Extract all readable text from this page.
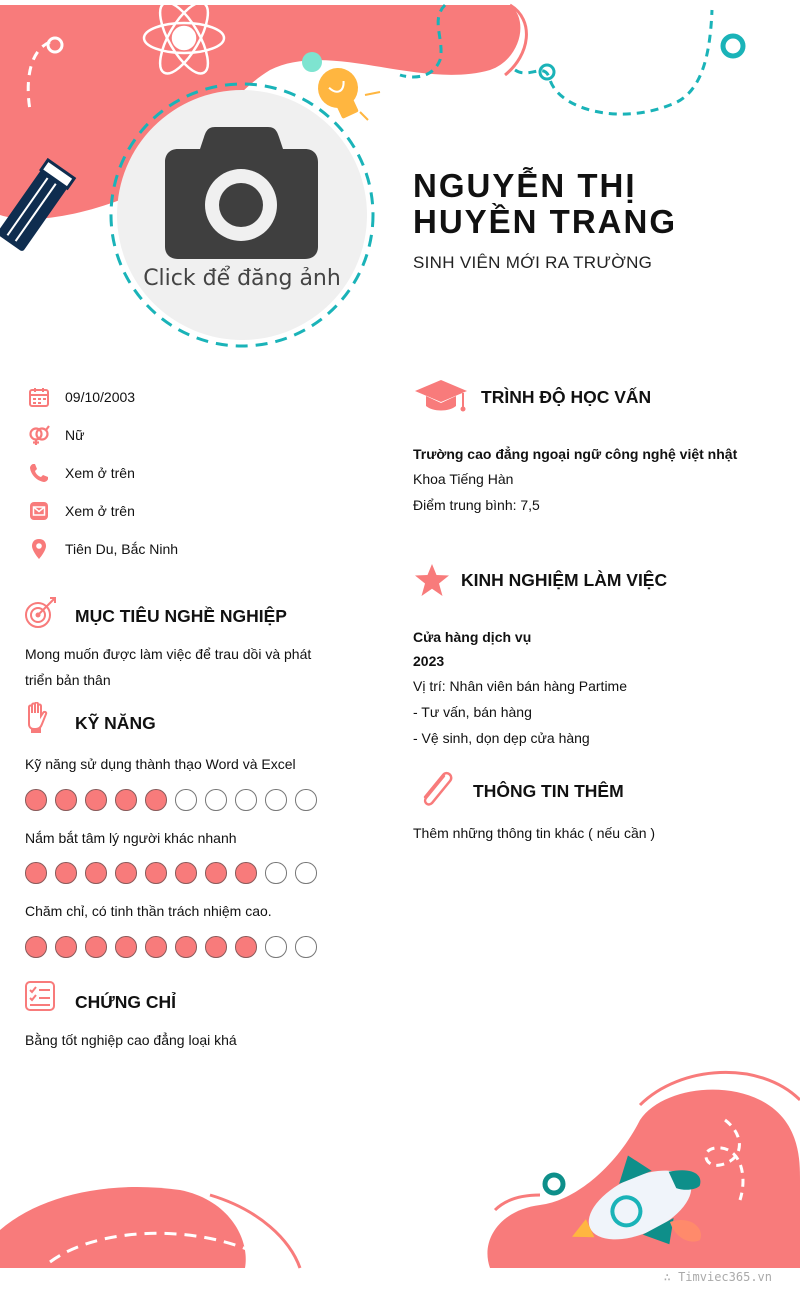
Click để đăng ảnh
NGUYỄN THỊ HUYỀN TRANG
SINH VIÊN MỚI RA TRƯỜNG
09/10/2003
Nữ
Xem ở trên
Xem ở trên
Tiên Du, Bắc Ninh
MỤC TIÊU NGHỀ NGHIỆP
Mong muốn được làm việc để trau dồi và phát
triển bản thân
KỸ NĂNG
Kỹ năng sử dụng thành thạo Word và Excel
Nắm bắt tâm lý người khác nhanh
Chăm chỉ, có tinh thần trách nhiệm cao.
CHỨNG CHỈ
Bằng tốt nghiệp cao đẳng loại khá
TRÌNH ĐỘ HỌC VẤN
Trường cao đẳng ngoại ngữ công nghệ việt nhật
Khoa Tiếng Hàn
Điểm trung bình: 7,5
KINH NGHIỆM LÀM VIỆC
Cửa hàng dịch vụ
2023
Vị trí: Nhân viên bán hàng Partime
- Tư vấn, bán hàng
- Vệ sinh, dọn dẹp cửa hàng
THÔNG TIN THÊM
Thêm những thông tin khác ( nếu cần )
∴ Timviec365.vn
